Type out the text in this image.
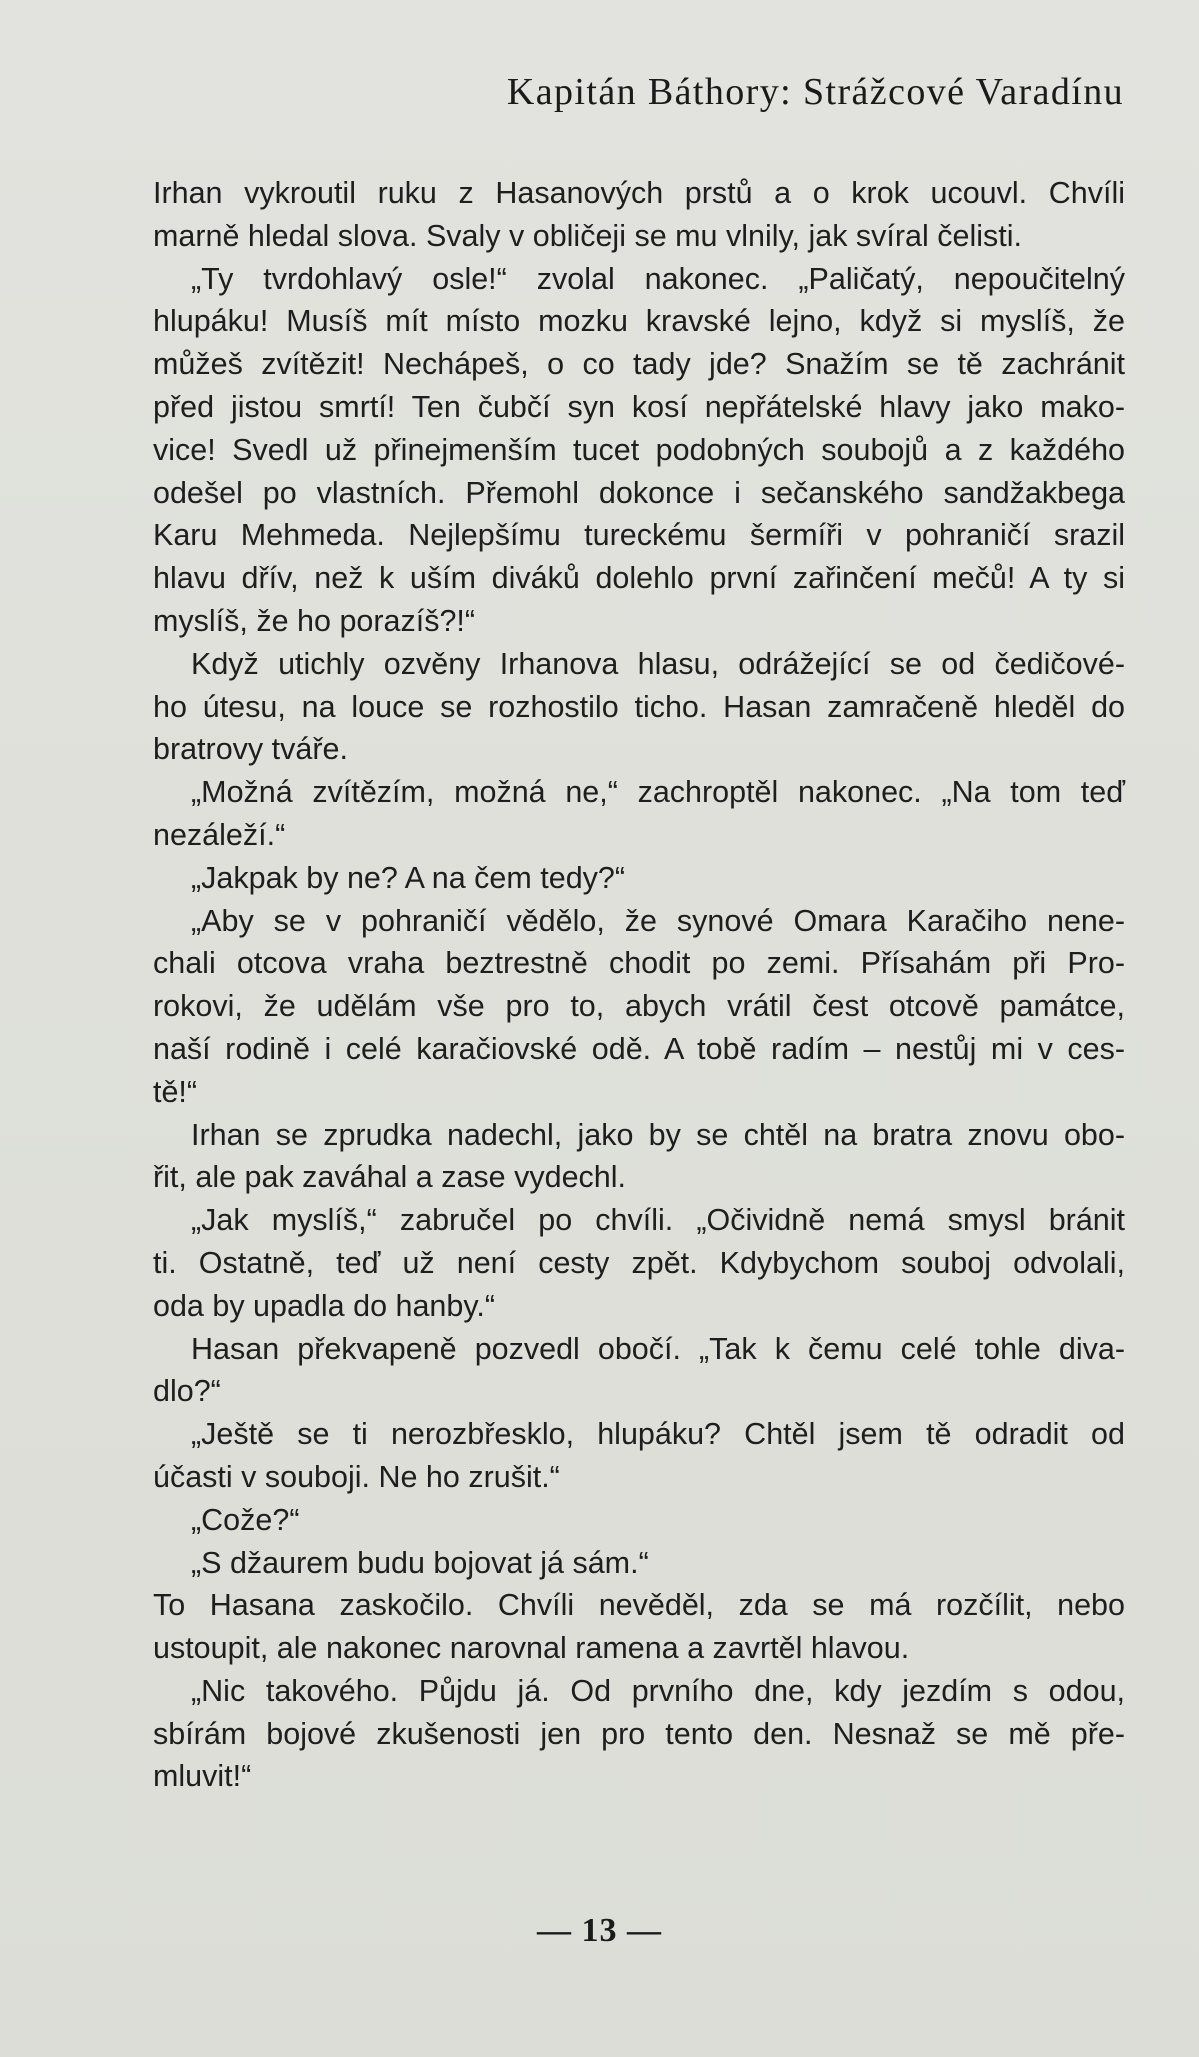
Kapitán Báthory: Strážcové Varadínu
Irhan vykroutil ruku z Hasanových prstů a o krok ucouvl. Chvíli
marně hledal slova. Svaly v obličeji se mu vlnily, jak svíral čelisti.
„Ty tvrdohlavý osle!“ zvolal nakonec. „Paličatý, nepoučitelný
hlupáku! Musíš mít místo mozku kravské lejno, když si myslíš, že
můžeš zvítězit! Nechápeš, o co tady jde? Snažím se tě zachránit
před jistou smrtí! Ten čubčí syn kosí nepřátelské hlavy jako mako-
vice! Svedl už přinejmenším tucet podobných soubojů a z každého
odešel po vlastních. Přemohl dokonce i sečanského sandžakbega
Karu Mehmeda. Nejlepšímu tureckému šermíři v pohraničí srazil
hlavu dřív, než k uším diváků dolehlo první zařinčení mečů! A ty si
myslíš, že ho porazíš?!“
Když utichly ozvěny Irhanova hlasu, odrážející se od čedičové-
ho útesu, na louce se rozhostilo ticho. Hasan zamračeně hleděl do
bratrovy tváře.
„Možná zvítězím, možná ne,“ zachroptěl nakonec. „Na tom teď
nezáleží.“
„Jakpak by ne? A na čem tedy?“
„Aby se v pohraničí vědělo, že synové Omara Karačiho nene-
chali otcova vraha beztrestně chodit po zemi. Přísahám při Pro-
rokovi, že udělám vše pro to, abych vrátil čest otcově památce,
naší rodině i celé karačiovské odě. A tobě radím – nestůj mi v ces-
tě!“
Irhan se zprudka nadechl, jako by se chtěl na bratra znovu obo-
řit, ale pak zaváhal a zase vydechl.
„Jak myslíš,“ zabručel po chvíli. „Očividně nemá smysl bránit
ti. Ostatně, teď už není cesty zpět. Kdybychom souboj odvolali,
oda by upadla do hanby.“
Hasan překvapeně pozvedl obočí. „Tak k čemu celé tohle diva-
dlo?“
„Ještě se ti nerozbřesklo, hlupáku? Chtěl jsem tě odradit od
účasti v souboji. Ne ho zrušit.“
„Cože?“
„S džaurem budu bojovat já sám.“
To Hasana zaskočilo. Chvíli nevěděl, zda se má rozčílit, nebo
ustoupit, ale nakonec narovnal ramena a zavrtěl hlavou.
„Nic takového. Půjdu já. Od prvního dne, kdy jezdím s odou,
sbírám bojové zkušenosti jen pro tento den. Nesnaž se mě pře-
mluvit!“
— 13 —
